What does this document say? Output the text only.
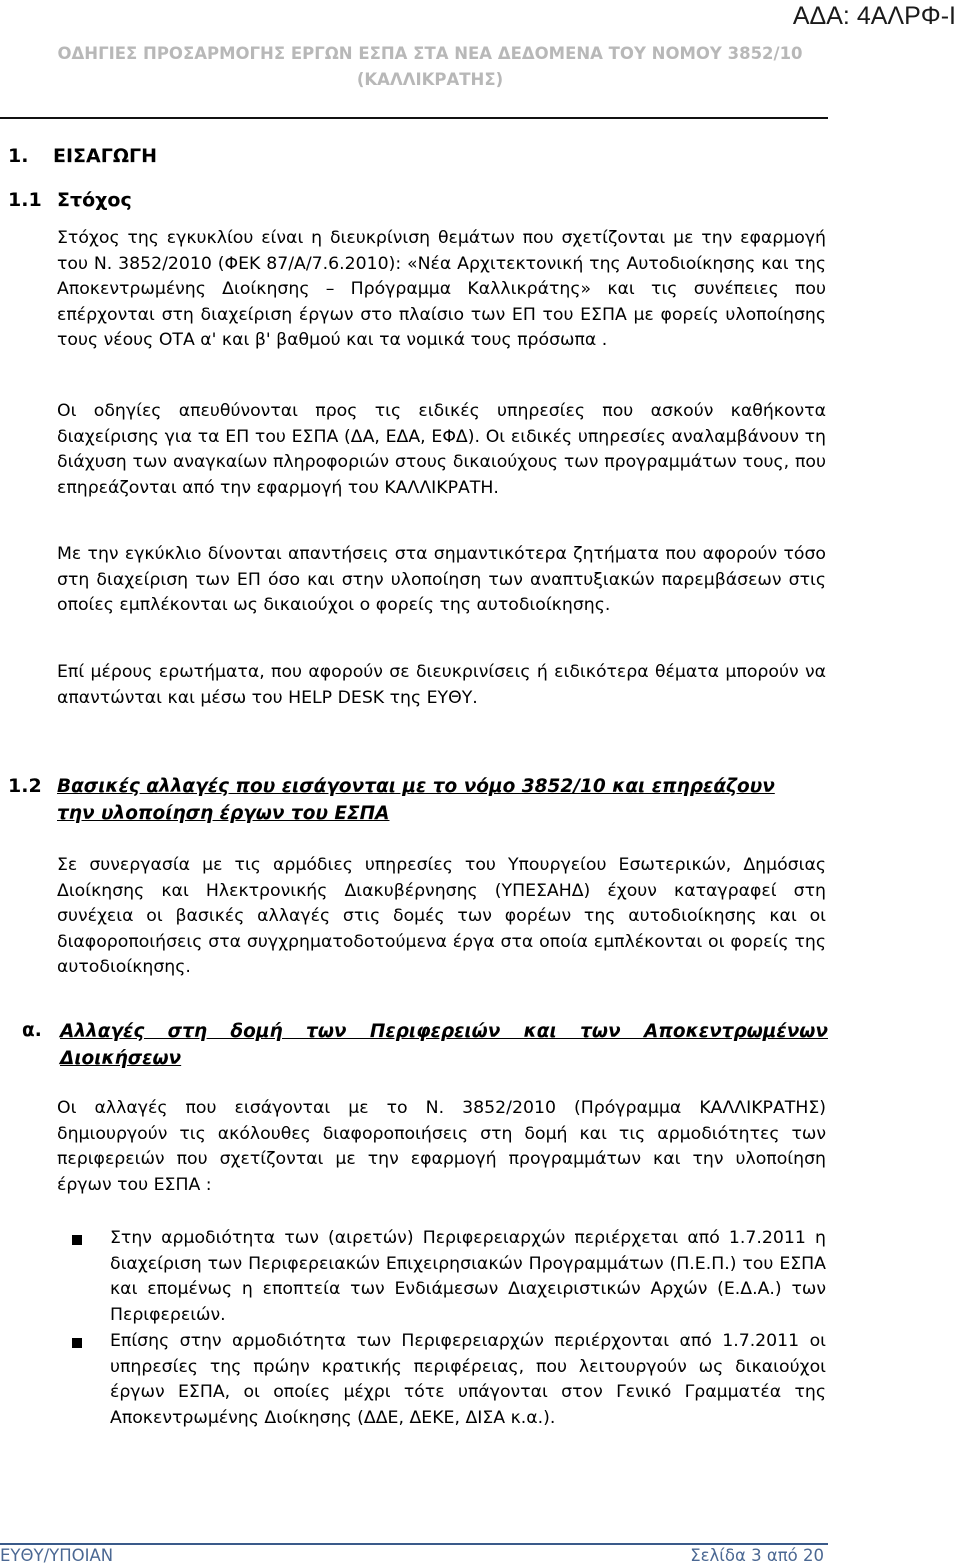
ΑΔΑ: 4ΑΛΡΦ-Ι
ΟΔΗΓΙΕΣ ΠΡΟΣΑΡΜΟΓΗΣ ΕΡΓΩΝ ΕΣΠΑ ΣΤΑ ΝΕΑ ΔΕΔΟΜΕΝΑ ΤΟΥ ΝΟΜΟΥ 3852/10
(ΚΑΛΛΙΚΡΑΤΗΣ)
1. ΕΙΣΑΓΩΓΗ
1.1 Στόχος
Στόχος της εγκυκλίου είναι η διευκρίνιση θεμάτων που σχετίζονται με την εφαρμογή του Ν. 3852/2010 (ΦΕΚ 87/Α/7.6.2010): «Νέα Αρχιτεκτονική της Αυτοδιοίκησης και της Αποκεντρωμένης Διοίκησης – Πρόγραμμα Καλλικράτης» και τις συνέπειες που επέρχονται στη διαχείριση έργων στο πλαίσιο των ΕΠ του ΕΣΠΑ με φορείς υλοποίησης τους νέους ΟΤΑ α' και β' βαθμού και τα νομικά τους πρόσωπα .
Οι οδηγίες απευθύνονται προς τις ειδικές υπηρεσίες που ασκούν καθήκοντα διαχείρισης για τα ΕΠ του ΕΣΠΑ (ΔΑ, ΕΔΑ, ΕΦΔ). Οι ειδικές υπηρεσίες αναλαμβάνουν τη διάχυση των αναγκαίων πληροφοριών στους δικαιούχους των προγραμμάτων τους, που επηρεάζονται από την εφαρμογή του ΚΑΛΛΙΚΡΑΤΗ.
Με την εγκύκλιο δίνονται απαντήσεις στα σημαντικότερα ζητήματα που αφορούν τόσο στη διαχείριση των ΕΠ όσο και στην υλοποίηση των αναπτυξιακών παρεμβάσεων στις οποίες εμπλέκονται ως δικαιούχοι ο φορείς της αυτοδιοίκησης.
Επί μέρους ερωτήματα, που αφορούν σε διευκρινίσεις ή ειδικότερα θέματα μπορούν να απαντώνται και μέσω του HELP DESK της ΕΥΘΥ.
1.2 Βασικές αλλαγές που εισάγονται με το νόμο 3852/10 και επηρεάζουν
την υλοποίηση έργων του ΕΣΠΑ
Σε συνεργασία με τις αρμόδιες υπηρεσίες του Υπουργείου Εσωτερικών, Δημόσιας Διοίκησης και Ηλεκτρονικής Διακυβέρνησης (ΥΠΕΣΑΗΔ) έχουν καταγραφεί στη συνέχεια οι βασικές αλλαγές στις δομές των φορέων της αυτοδιοίκησης και οι διαφοροποιήσεις στα συγχρηματοδοτούμενα έργα στα οποία εμπλέκονται οι φορείς της αυτοδιοίκησης.
α. Αλλαγές στη δομή των Περιφερειών και των Αποκεντρωμένων
Διοικήσεων
Οι αλλαγές που εισάγονται με το Ν. 3852/2010 (Πρόγραμμα ΚΑΛΛΙΚΡΑΤΗΣ) δημιουργούν τις ακόλουθες διαφοροποιήσεις στη δομή και τις αρμοδιότητες των περιφερειών που σχετίζονται με την εφαρμογή προγραμμάτων και την υλοποίηση έργων του ΕΣΠΑ :
Στην αρμοδιότητα των (αιρετών) Περιφερειαρχών περιέρχεται από 1.7.2011 η διαχείριση των Περιφερειακών Επιχειρησιακών Προγραμμάτων (Π.Ε.Π.) του ΕΣΠΑ και επομένως η εποπτεία των Ενδιάμεσων Διαχειριστικών Αρχών (Ε.Δ.Α.) των Περιφερειών.
Επίσης στην αρμοδιότητα των Περιφερειαρχών περιέρχονται από 1.7.2011 οι υπηρεσίες της πρώην κρατικής περιφέρειας, που λειτουργούν ως δικαιούχοι έργων ΕΣΠΑ, οι οποίες μέχρι τότε υπάγονται στον Γενικό Γραμματέα της Αποκεντρωμένης Διοίκησης (ΔΔΕ, ΔΕΚΕ, ΔΙΣΑ κ.α.).
ΕΥΘΥ/ΥΠΟΙΑΝ	Σελίδα 3 από 20
